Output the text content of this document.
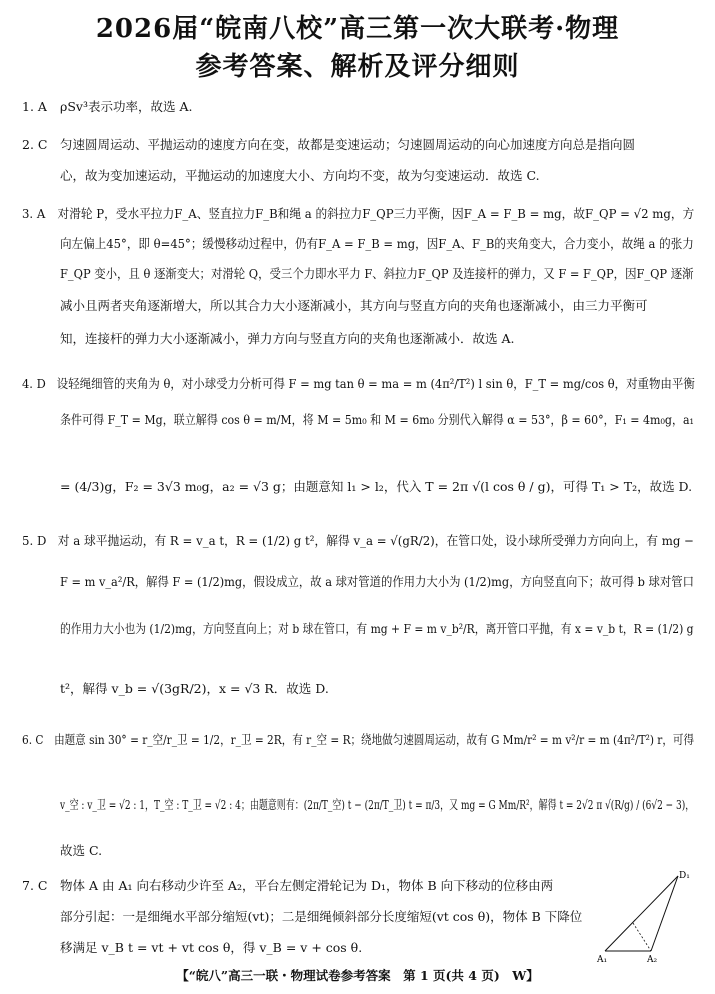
2026届“皖南八校”高三第一次大联考·物理
参考答案、解析及评分细则
1. A ρSv³表示功率，故选 A.
2. C 匀速圆周运动、平抛运动的速度方向在变，故都是变速运动；匀速圆周运动的向心加速度方向总是指向圆
心，故为变加速运动，平抛运动的加速度大小、方向均不变，故为匀变速运动．故选 C.
3. A 对滑轮 P，受水平拉力F_A、竖直拉力F_B和绳 a 的斜拉力F_QP三力平衡，因F_A = F_B = mg，故F_QP = √2 mg，方
向左偏上45°，即 θ=45°；缓慢移动过程中，仍有F_A = F_B = mg，因F_A、F_B的夹角变大，合力变小，故绳 a 的张力
F_QP 变小，且 θ 逐渐变大；对滑轮 Q，受三个力即水平力 F、斜拉力F_QP 及连接杆的弹力，又 F = F_QP，因F_QP 逐渐
减小且两者夹角逐渐增大，所以其合力大小逐渐减小，其方向与竖直方向的夹角也逐渐减小，由三力平衡可
知，连接杆的弹力大小逐渐减小，弹力方向与竖直方向的夹角也逐渐减小．故选 A.
4. D 设轻绳细管的夹角为 θ，对小球受力分析可得 F = mg tan θ = ma = m (4π²/T²) l sin θ，F_T = mg/cos θ，对重物由平衡
条件可得 F_T = Mg，联立解得 cos θ = m/M，将 M = 5m₀ 和 M = 6m₀ 分别代入解得 α = 53°，β = 60°，F₁ = 4m₀g，a₁
= (4/3)g，F₂ = 3√3 m₀g，a₂ = √3 g；由题意知 l₁ > l₂，代入 T = 2π √(l cos θ / g)，可得 T₁ > T₂，故选 D.
5. D 对 a 球平抛运动，有 R = v_a t，R = (1/2) g t²，解得 v_a = √(gR/2)，在管口处，设小球所受弹力方向向上，有 mg −
F = m v_a²/R，解得 F = (1/2)mg，假设成立，故 a 球对管道的作用力大小为 (1/2)mg，方向竖直向下；故可得 b 球对管口
的作用力大小也为 (1/2)mg，方向竖直向上；对 b 球在管口，有 mg + F = m v_b²/R，离开管口平抛，有 x = v_b t，R = (1/2) g
t²，解得 v_b = √(3gR/2)，x = √3 R．故选 D.
6. C 由题意 sin 30° = r_空/r_卫 = 1/2，r_卫 = 2R，有 r_空 = R；绕地做匀速圆周运动，故有 G Mm/r² = m v²/r = m (4π²/T²) r，可得
v_空 : v_卫 = √2 : 1，T_空 : T_卫 = √2 : 4；由题意则有：(2π/T_空) t − (2π/T_卫) t = π/3，又 mg = G Mm/R²，解得 t = 2√2 π √(R/g) / (6√2 − 3)，
故选 C.
7. C 物体 A 由 A₁ 向右移动少许至 A₂，平台左侧定滑轮记为 D₁，物体 B 向下移动的位移由两
部分引起：一是细绳水平部分缩短(vt)；二是细绳倾斜部分长度缩短(vt cos θ)，物体 B 下降位
移满足 v_B t = vt + vt cos θ，得 v_B = v + cos θ.
D₁
A₁	A₂
【“皖八”高三一联・物理试卷参考答案　第 1 页(共 4 页)　W】
